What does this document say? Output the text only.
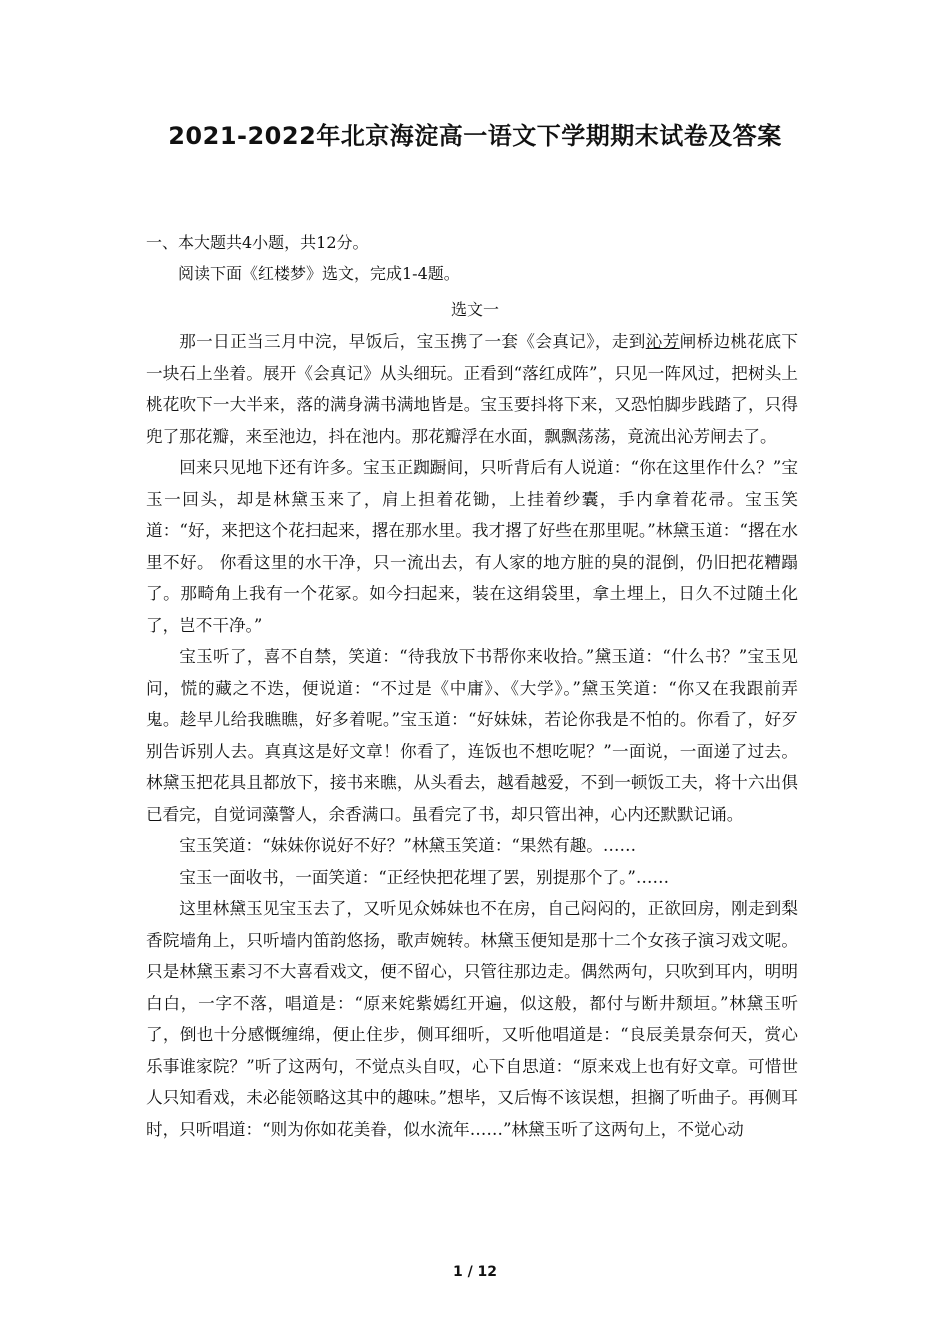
2021-2022年北京海淀高一语文下学期期末试卷及答案
一、本大题共4小题，共12分。
阅读下面《红楼梦》选文，完成1-4题。
选文一

那一日正当三月中浣，早饭后，宝玉携了一套《会真记》，走到沁芳闸桥边桃花底下一块石上坐着。展开《会真记》从头细玩。正看到“落红成阵”，只见一阵风过，把树头上桃花吹下一大半来，落的满身满书满地皆是。宝玉要抖将下来，又恐怕脚步践踏了，只得兜了那花瓣，来至池边，抖在池内。那花瓣浮在水面，飘飘荡荡，竟流出沁芳闸去了。

回来只见地下还有许多。宝玉正踟蹰间，只听背后有人说道：“你在这里作什么？”宝玉一回头，却是林黛玉来了，肩上担着花锄，上挂着纱囊，手内拿着花帚。宝玉笑道：“好，来把这个花扫起来，撂在那水里。我才撂了好些在那里呢。”林黛玉道：“撂在水里不好。 你看这里的水干净，只一流出去，有人家的地方脏的臭的混倒，仍旧把花糟蹋了。那畸角上我有一个花冢。如今扫起来，装在这绢袋里，拿土埋上，日久不过随土化了，岂不干净。”

宝玉听了，喜不自禁，笑道：“待我放下书帮你来收拾。”黛玉道：“什么书？”宝玉见问，慌的藏之不迭，便说道：“不过是《中庸》、《大学》。”黛玉笑道：“你又在我跟前弄鬼。趁早儿给我瞧瞧，好多着呢。”宝玉道：“好妹妹，若论你我是不怕的。你看了，好歹别告诉别人去。真真这是好文章！你看了，连饭也不想吃呢？”一面说，一面递了过去。林黛玉把花具且都放下，接书来瞧，从头看去，越看越爱，不到一顿饭工夫，将十六出俱已看完，自觉词藻警人，余香满口。虽看完了书，却只管出神，心内还默默记诵。

宝玉笑道：“妹妹你说好不好？”林黛玉笑道：“果然有趣。……

宝玉一面收书，一面笑道：“正经快把花埋了罢，别提那个了。”……

这里林黛玉见宝玉去了，又听见众姊妹也不在房，自己闷闷的，正欲回房，刚走到梨香院墙角上，只听墙内笛韵悠扬，歌声婉转。林黛玉便知是那十二个女孩子演习戏文呢。只是林黛玉素习不大喜看戏文，便不留心，只管往那边走。偶然两句，只吹到耳内，明明白白，一字不落，唱道是：“原来姹紫嫣红开遍，似这般，都付与断井颓垣。”林黛玉听了，倒也十分感慨缠绵，便止住步，侧耳细听，又听他唱道是：“良辰美景奈何天，赏心乐事谁家院？”听了这两句，不觉点头自叹，心下自思道：“原来戏上也有好文章。可惜世人只知看戏，未必能领略这其中的趣味。”想毕，又后悔不该误想，担搁了听曲子。再侧耳时，只听唱道：“则为你如花美眷，似水流年……”林黛玉听了这两句上，不觉心动

1 / 12
